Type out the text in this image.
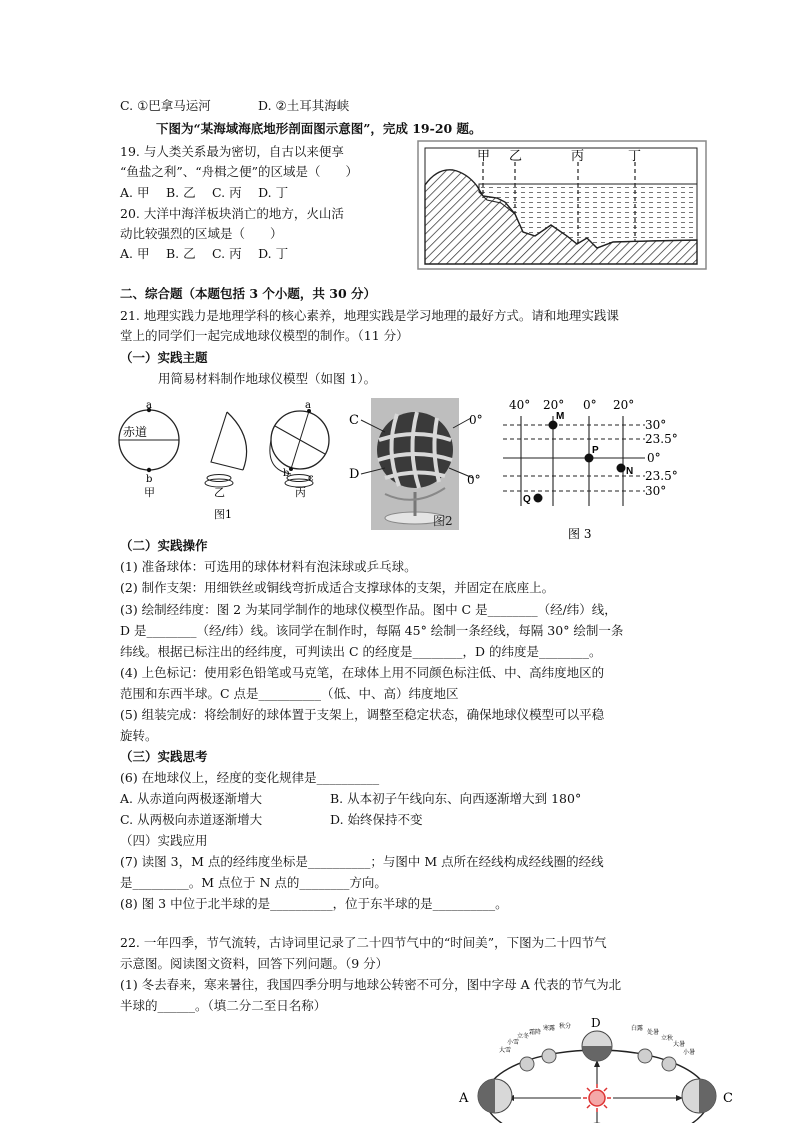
C. ①巴拿马运河	D. ②土耳其海峡
下图为“某海域海底地形剖面图示意图”，完成 19-20 题。
19. 与人类关系最为密切，自古以来便享
“鱼盐之利”、“舟楫之便”的区域是（　　）
A. 甲　 B. 乙　 C. 丙　 D. 丁
20. 大洋中海洋板块消亡的地方，火山活
动比较强烈的区域是（　　）
A. 甲　 B. 乙　 C. 丙　 D. 丁
甲 乙	丙	丁
二、综合题（本题包括 3 个小题，共 30 分）
21. 地理实践力是地理学科的核心素养，地理实践是学习地理的最好方式。请和地理实践课
堂上的同学们一起完成地球仪模型的制作。（11 分）
（一）实践主题
用简易材料制作地球仪模型（如图 1）。
赤道
a
b
甲	乙
a
b c
丙
图1
C
D
0°
0°
图2
40° 20° 0° 20°
30°
23.5°
0°
23.5°
30°
M
P
N
Q
图 3
（二）实践操作
(1) 准备球体：可选用的球体材料有泡沫球或乒乓球。
(2) 制作支架：用细铁丝或铜线弯折成适合支撑球体的支架，并固定在底座上。
(3) 绘制经纬度：图 2 为某同学制作的地球仪模型作品。图中 C 是________（经/纬）线，
D 是________（经/纬）线。该同学在制作时，每隔 45° 绘制一条经线，每隔 30° 绘制一条
纬线。根据已标注出的经纬度，可判读出 C 的经度是________，D 的纬度是________。
(4) 上色标记：使用彩色铅笔或马克笔，在球体上用不同颜色标注低、中、高纬度地区的
范围和东西半球。C 点是__________（低、中、高）纬度地区
(5) 组装完成：将绘制好的球体置于支架上，调整至稳定状态，确保地球仪模型可以平稳
旋转。
（三）实践思考
(6) 在地球仪上，经度的变化规律是__________
A. 从赤道向两极逐渐增大	B. 从本初子午线向东、向西逐渐增大到 180°
C. 从两极向赤道逐渐增大	D. 始终保持不变
（四）实践应用
(7) 读图 3，M 点的经纬度坐标是__________；与图中 M 点所在经线构成经线圈的经线
是_________。M 点位于 N 点的________方向。
(8) 图 3 中位于北半球的是__________，位于东半球的是__________。
22. 一年四季，节气流转，古诗词里记录了二十四节气中的“时间美”，下图为二十四节气
示意图。阅读图文资料，回答下列问题。（9 分）
(1) 冬去春来，寒来暑往，我国四季分明与地球公转密不可分，图中字母 A 代表的节气为北
半球的______。（填二分二至日名称）
A	C
D
小雪
立冬
霜降
寒露 秋分	白露
处暑
立秋
大暑
小暑
大雪
